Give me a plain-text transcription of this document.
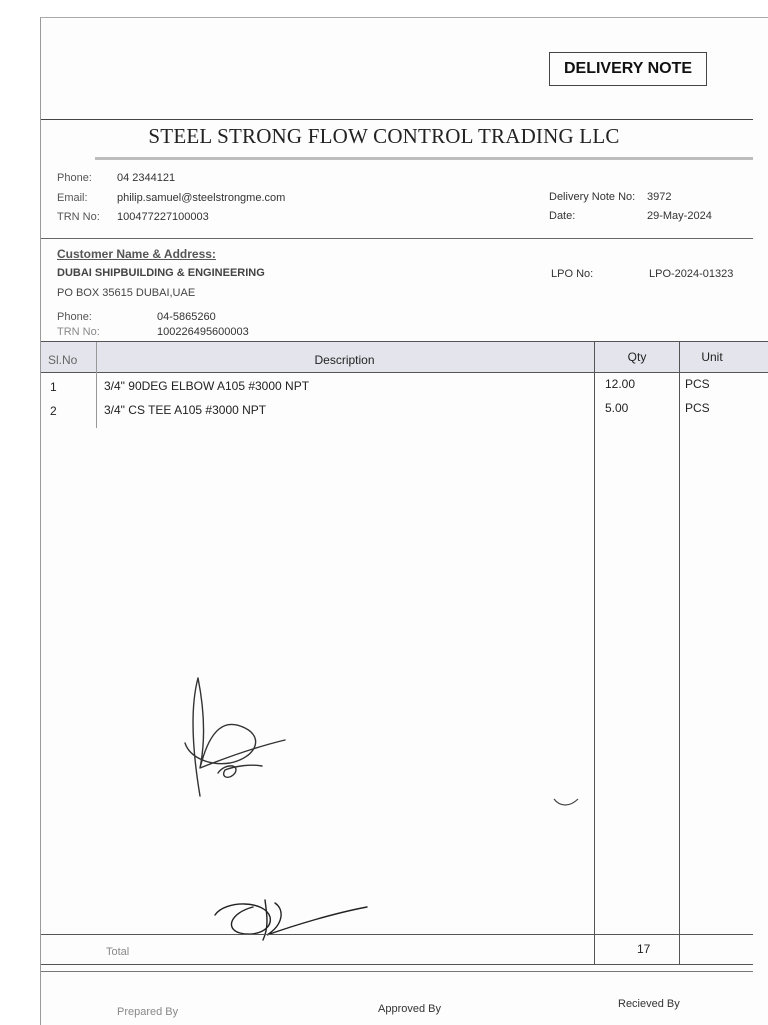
DELIVERY NOTE
STEEL STRONG FLOW CONTROL TRADING LLC
Phone: 04 2344121
Email:	philip.samuel@steelstrongme.com
TRN No: 100477227100003
Delivery Note No: 3972
Date:	29-May-2024
Customer Name & Address:
DUBAI SHIPBUILDING & ENGINEERING
PO BOX 35615 DUBAI,UAE
Phone:	04-5865260
TRN No:	100226495600003
LPO No:	LPO-2024-01323
Sl.No	Description	Qty	Unit
1	3/4" 90DEG ELBOW A105 #3000 NPT	12.00	PCS
2	3/4" CS TEE A105 #3000 NPT	5.00	PCS
Total	17
Prepared By	Approved By	Recieved By
